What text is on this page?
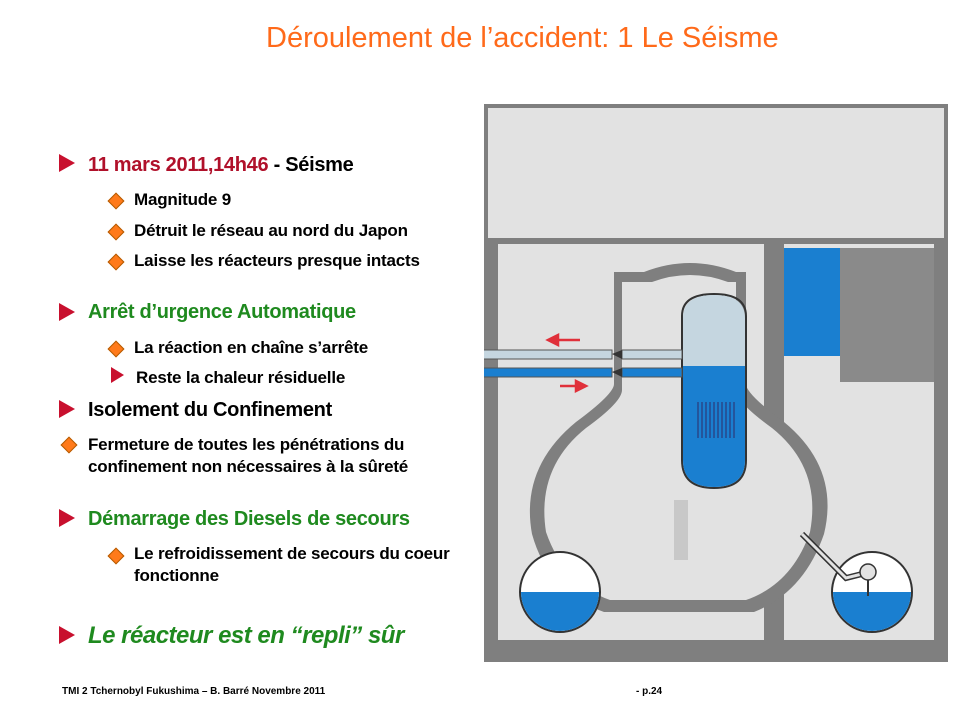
Déroulement de l’accident: 1 Le Séisme
11 mars 2011,14h46 - Séisme
Magnitude 9
Détruit le réseau au nord du Japon
Laisse les réacteurs presque intacts
Arrêt d’urgence Automatique
La réaction en chaîne s’arrête
Reste la chaleur résiduelle
Isolement du Confinement
Fermeture de toutes les pénétrations du confinement non nécessaires à la sûreté
Démarrage des Diesels de secours
Le refroidissement de secours du coeur fonctionne
Le réacteur est en “repli” sûr
TMI 2 Tchernobyl Fukushima – B. Barré Novembre 2011	- p.24
